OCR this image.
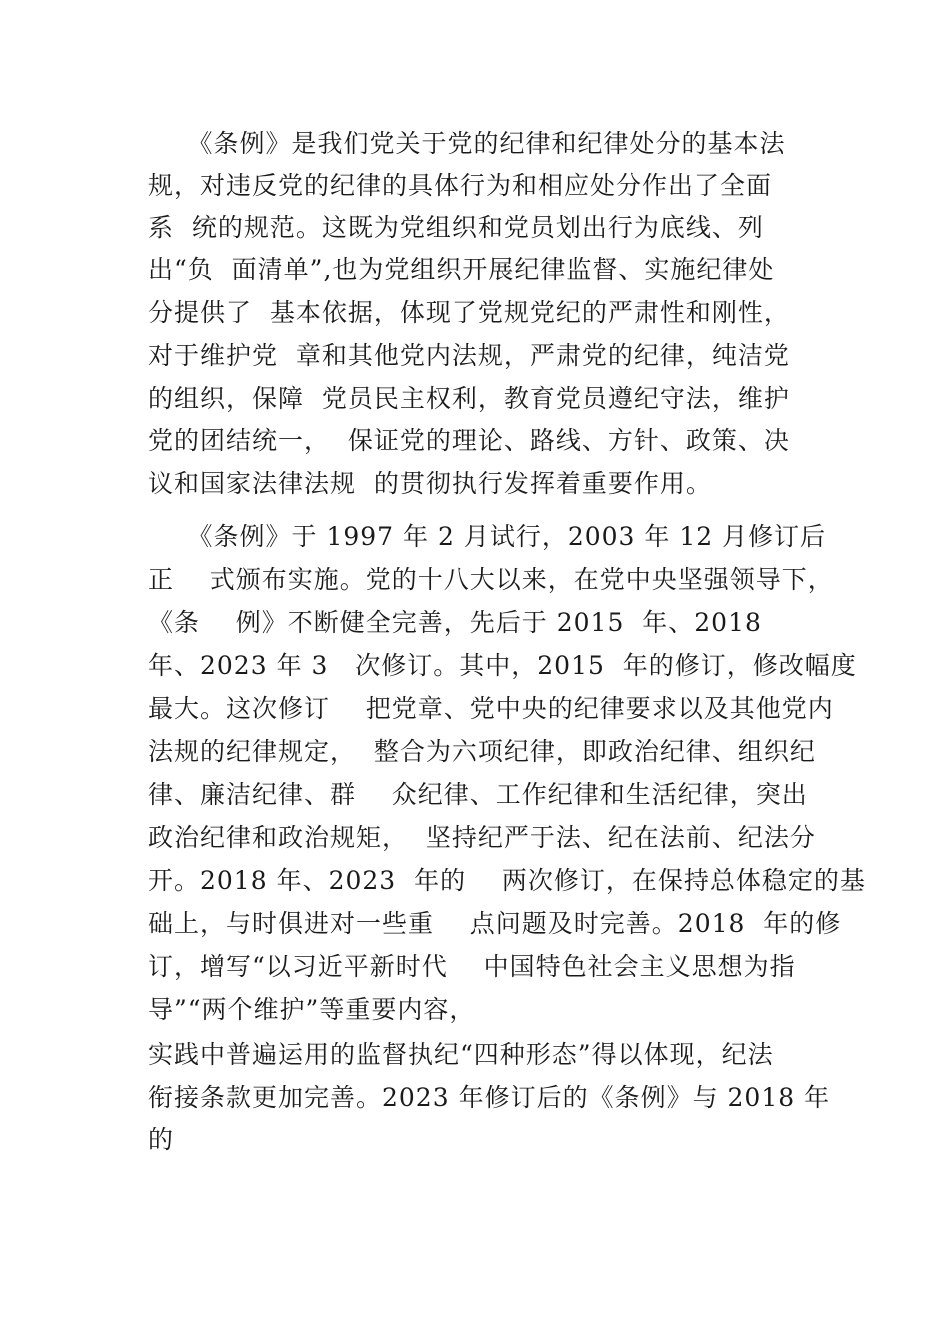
　　《条例》是我们党关于党的纪律和纪律处分的基本法
规，对违反党的纪律的具体行为和相应处分作出了全面
系  统的规范。这既为党组织和党员划出行为底线、列
出“负  面清单”,也为党组织开展纪律监督、实施纪律处
分提供了  基本依据，体现了党规党纪的严肃性和刚性，
对于维护党  章和其他党内法规，严肃党的纪律，纯洁党
的组织，保障  党员民主权利，教育党员遵纪守法，维护
党的团结统一，  保证党的理论、路线、方针、政策、决
议和国家法律法规  的贯彻执行发挥着重要作用。
　　《条例》于 1997 年 2 月试行，2003 年 12 月修订后
正    式颁布实施。党的十八大以来，在党中央坚强领导下，
《条    例》不断健全完善，先后于 2015  年、2018
年、2023 年 3   次修订。其中，2015  年的修订，修改幅度
最大。这次修订    把党章、党中央的纪律要求以及其他党内
法规的纪律规定，  整合为六项纪律，即政治纪律、组织纪
律、廉洁纪律、群    众纪律、工作纪律和生活纪律，突出
政治纪律和政治规矩，  坚持纪严于法、纪在法前、纪法分
开。2018 年、2023  年的    两次修订，在保持总体稳定的基
础上，与时俱进对一些重    点问题及时完善。2018  年的修
订，增写“以习近平新时代    中国特色社会主义思想为指
导”“两个维护”等重要内容，
实践中普遍运用的监督执纪“四种形态”得以体现，纪法
衔接条款更加完善。2023 年修订后的《条例》与 2018 年
的
